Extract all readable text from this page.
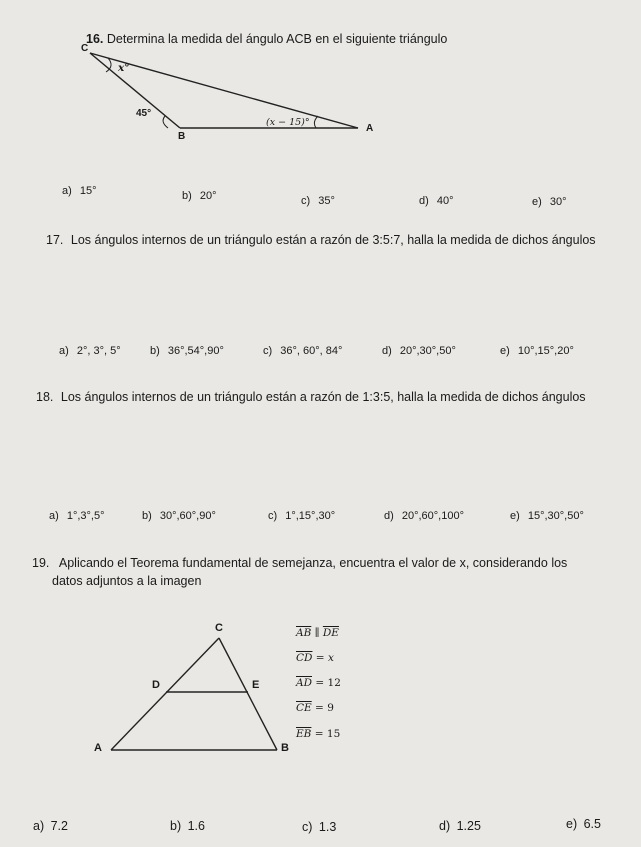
16. Determina la medida del ángulo ACB en el siguiente triángulo
C
B
A
x°
45°
(x − 15)°
a) 15°	b) 20°	c) 35°	d) 40°	e) 30°
17. Los ángulos internos de un triángulo están a razón de 3:5:7, halla la medida de dichos ángulos
a) 2°, 3°, 5°	b) 36°,54°,90°	c) 36°, 60°, 84°	d) 20°,30°,50°	e) 10°,15°,20°
18. Los ángulos internos de un triángulo están a razón de 1:3:5, halla la medida de dichos ángulos
a) 1°,3°,5°	b) 30°,60°,90°	c) 1°,15°,30°	d) 20°,60°,100°	e) 15°,30°,50°
19. Aplicando el Teorema fundamental de semejanza, encuentra el valor de x, considerando los
datos adjuntos a la imagen
C
D	E
A	B
$\overline{AB}$ ∥ $\overline{DE}$
$\overline{CD} = x$
$\overline{AD} = 12$
$\overline{CE} = 9$
$\overline{EB} = 15$
a) 7.2	b) 1.6	c) 1.3	d) 1.25	e) 6.5
